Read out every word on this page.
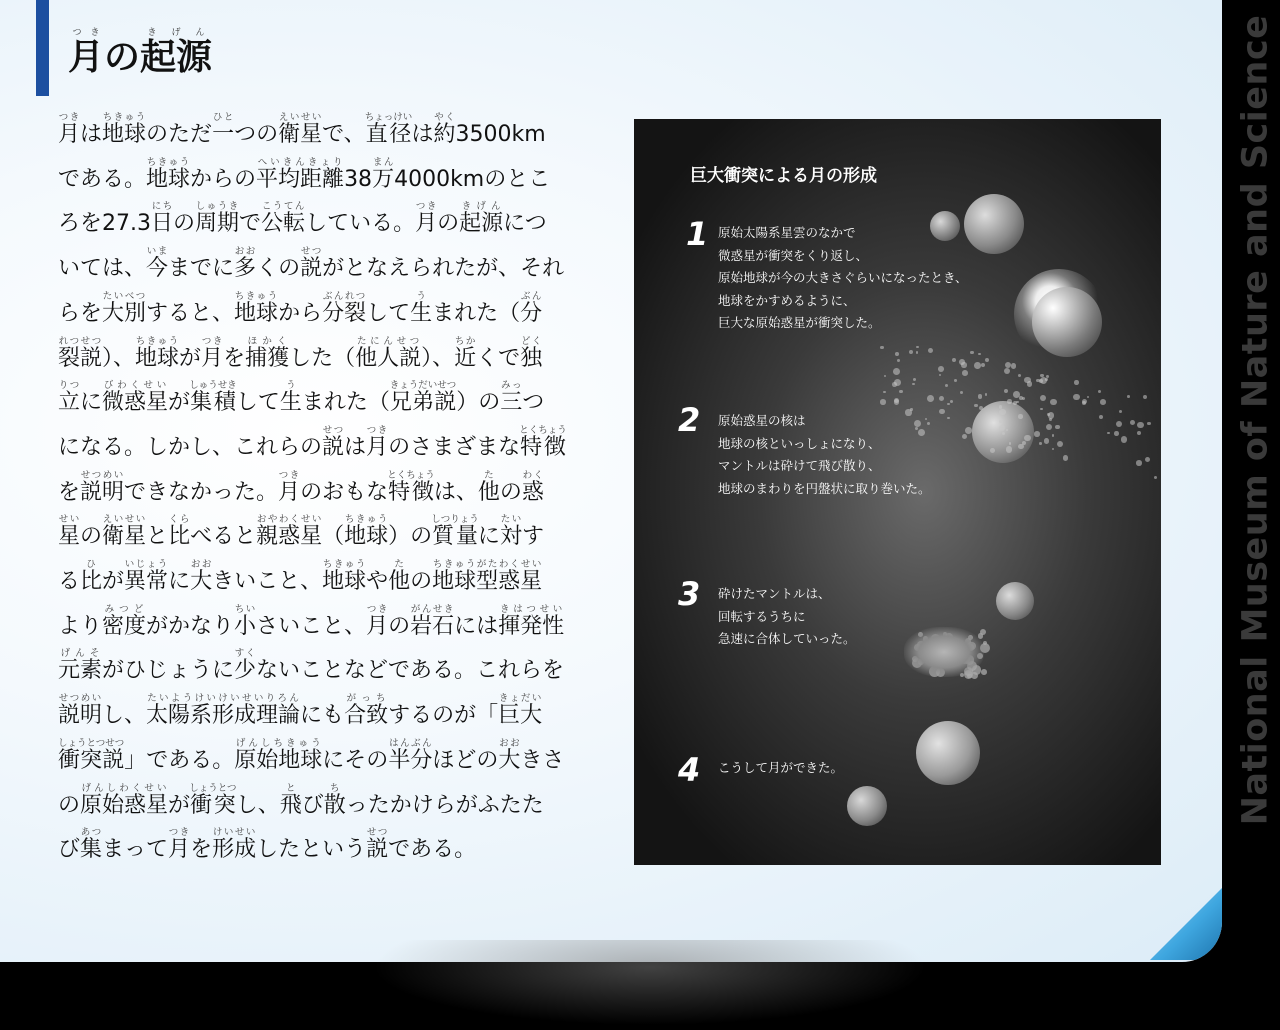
月つきの起源きげん

月つきは地球ちきゅうのただ一ひとつの衛星えいせいで、直径ちょっけいは約やく3500km

である。地球ちきゅうからの平均距離へいきんきょり38万まん4000kmのとこ

ろを27.3日にちの周期しゅうきで公転こうてんしている。月つきの起源きげんにつ

いては、今いままでに多おおくの説せつがとなえられたが、それ

らを大別たいべつすると、地球ちきゅうから分裂ぶんれつして生うまれた（分ぶん

裂説れつせつ）、地球ちきゅうが月つきを捕獲ほかくした（他人説たにんせつ）、近ちかくで独どく

立りつに微惑星びわくせいが集積しゅうせきして生うまれた（兄弟説きょうだいせつ）の三みっつ

になる。しかし、これらの説せつは月つきのさまざまな特徴とくちょう

を説明せつめいできなかった。月つきのおもな特徴とくちょうは、他たの惑わく

星せいの衛星えいせいと比くらべると親惑星おやわくせい（地球ちきゅう）の質量しつりょうに対たいす

る比ひが異常いじょうに大おおきいこと、地球ちきゅうや他たの地球型惑星ちきゅうがたわくせい

より密度みつどがかなり小ちいさいこと、月つきの岩石がんせきには揮発性きはつせい

元素げんそがひじょうに少すくないことなどである。これらを

説明せつめいし、太陽系形成理論たいようけいけいせいりろんにも合致がっちするのが「巨大きょだい

衝突説しょうとつせつ」である。原始地球げんしちきゅうにその半分はんぶんほどの大おおきさ

の原始惑星げんしわくせいが衝突しょうとつし、飛とび散ちったかけらがふたた

び集あつまって月つきを形成けいせいしたという説せつである。

巨大衝突による月の形成
1 原始太陽系星雲のなかで
微惑星が衝突をくり返し、
原始地球が今の大きさぐらいになったとき、
地球をかすめるように、
巨大な原始惑星が衝突した。
2 原始惑星の核は
地球の核といっしょになり、
マントルは砕けて飛び散り、
地球のまわりを円盤状に取り巻いた。
3 砕けたマントルは、
回転するうちに
急速に合体していった。
4 こうして月ができた。	National Museum of Nature and Science
